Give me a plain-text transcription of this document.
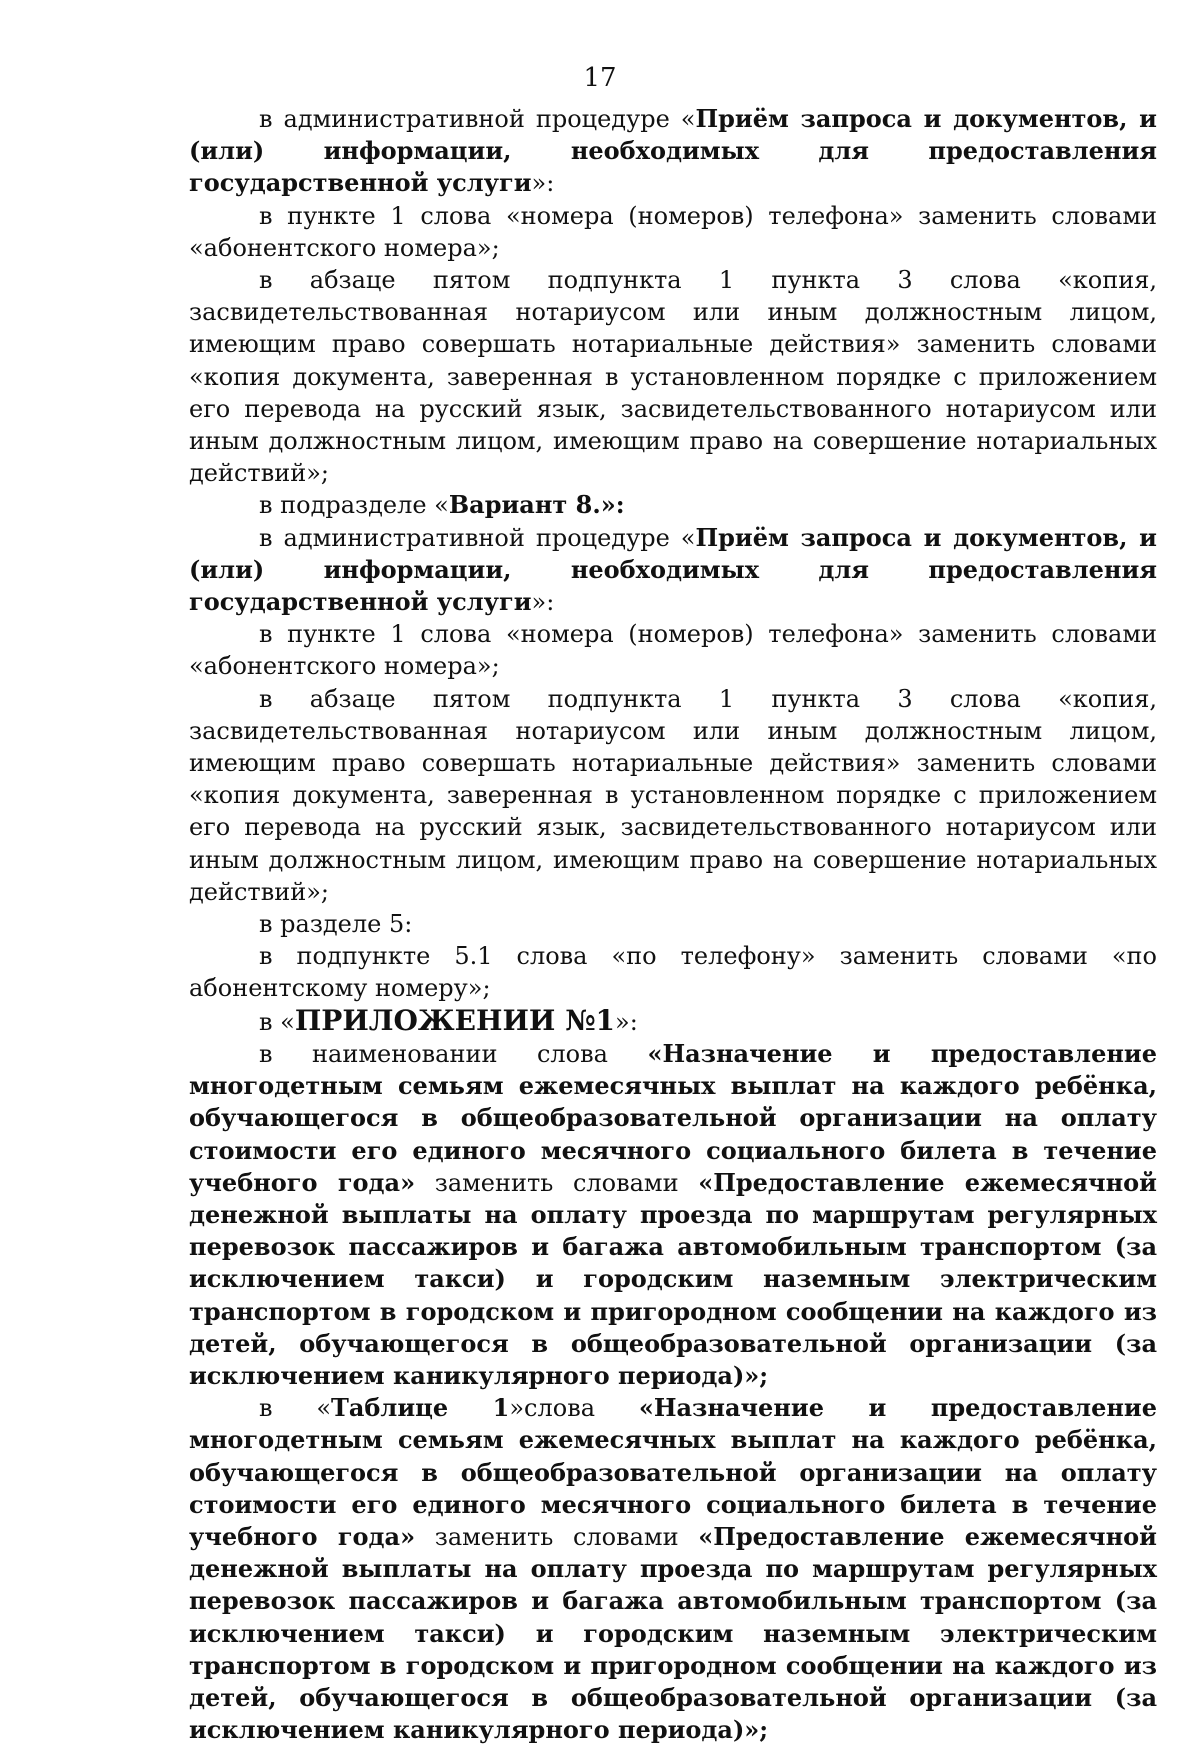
17

в административной процедуре «Приём запроса и документов, и (или) информации, необходимых для предоставления государственной услуги»:

в пункте 1 слова «номера (номеров) телефона» заменить словами «абонентского номера»;

в абзаце пятом подпункта 1 пункта 3 слова «копия, засвидетельствованная нотариусом или иным должностным лицом, имеющим право совершать нотариальные действия» заменить словами «копия документа, заверенная в установленном порядке с приложением его перевода на русский язык, засвидетельствованного нотариусом или иным должностным лицом, имеющим право на совершение нотариальных действий»;

в подразделе «Вариант 8.»:

в административной процедуре «Приём запроса и документов, и (или) информации, необходимых для предоставления государственной услуги»:

в пункте 1 слова «номера (номеров) телефона» заменить словами «абонентского номера»;

в абзаце пятом подпункта 1 пункта 3 слова «копия, засвидетельствованная нотариусом или иным должностным лицом, имеющим право совершать нотариальные действия» заменить словами «копия документа, заверенная в установленном порядке с приложением его перевода на русский язык, засвидетельствованного нотариусом или иным должностным лицом, имеющим право на совершение нотариальных действий»;

в разделе 5:

в подпункте 5.1 слова «по телефону» заменить словами «по абонентскому номеру»;

в «ПРИЛОЖЕНИИ №1»:

в наименовании слова «Назначение и предоставление многодетным семьям ежемесячных выплат на каждого ребёнка, обучающегося в общеобразовательной организации на оплату стоимости его единого месячного социального билета в течение учебного года» заменить словами «Предоставление ежемесячной денежной выплаты на оплату проезда по маршрутам регулярных перевозок пассажиров и багажа автомобильным транспортом (за исключением такси) и городским наземным электрическим транспортом в городском и пригородном сообщении на каждого из детей, обучающегося в общеобразовательной организации (за исключением каникулярного периода)»;

в «Таблице 1»слова «Назначение и предоставление многодетным семьям ежемесячных выплат на каждого ребёнка, обучающегося в общеобразовательной организации на оплату стоимости его единого месячного социального билета в течение учебного года» заменить словами «Предоставление ежемесячной денежной выплаты на оплату проезда по маршрутам регулярных перевозок пассажиров и багажа автомобильным транспортом (за исключением такси) и городским наземным электрическим транспортом в городском и пригородном сообщении на каждого из детей, обучающегося в общеобразовательной организации (за исключением каникулярного периода)»;
